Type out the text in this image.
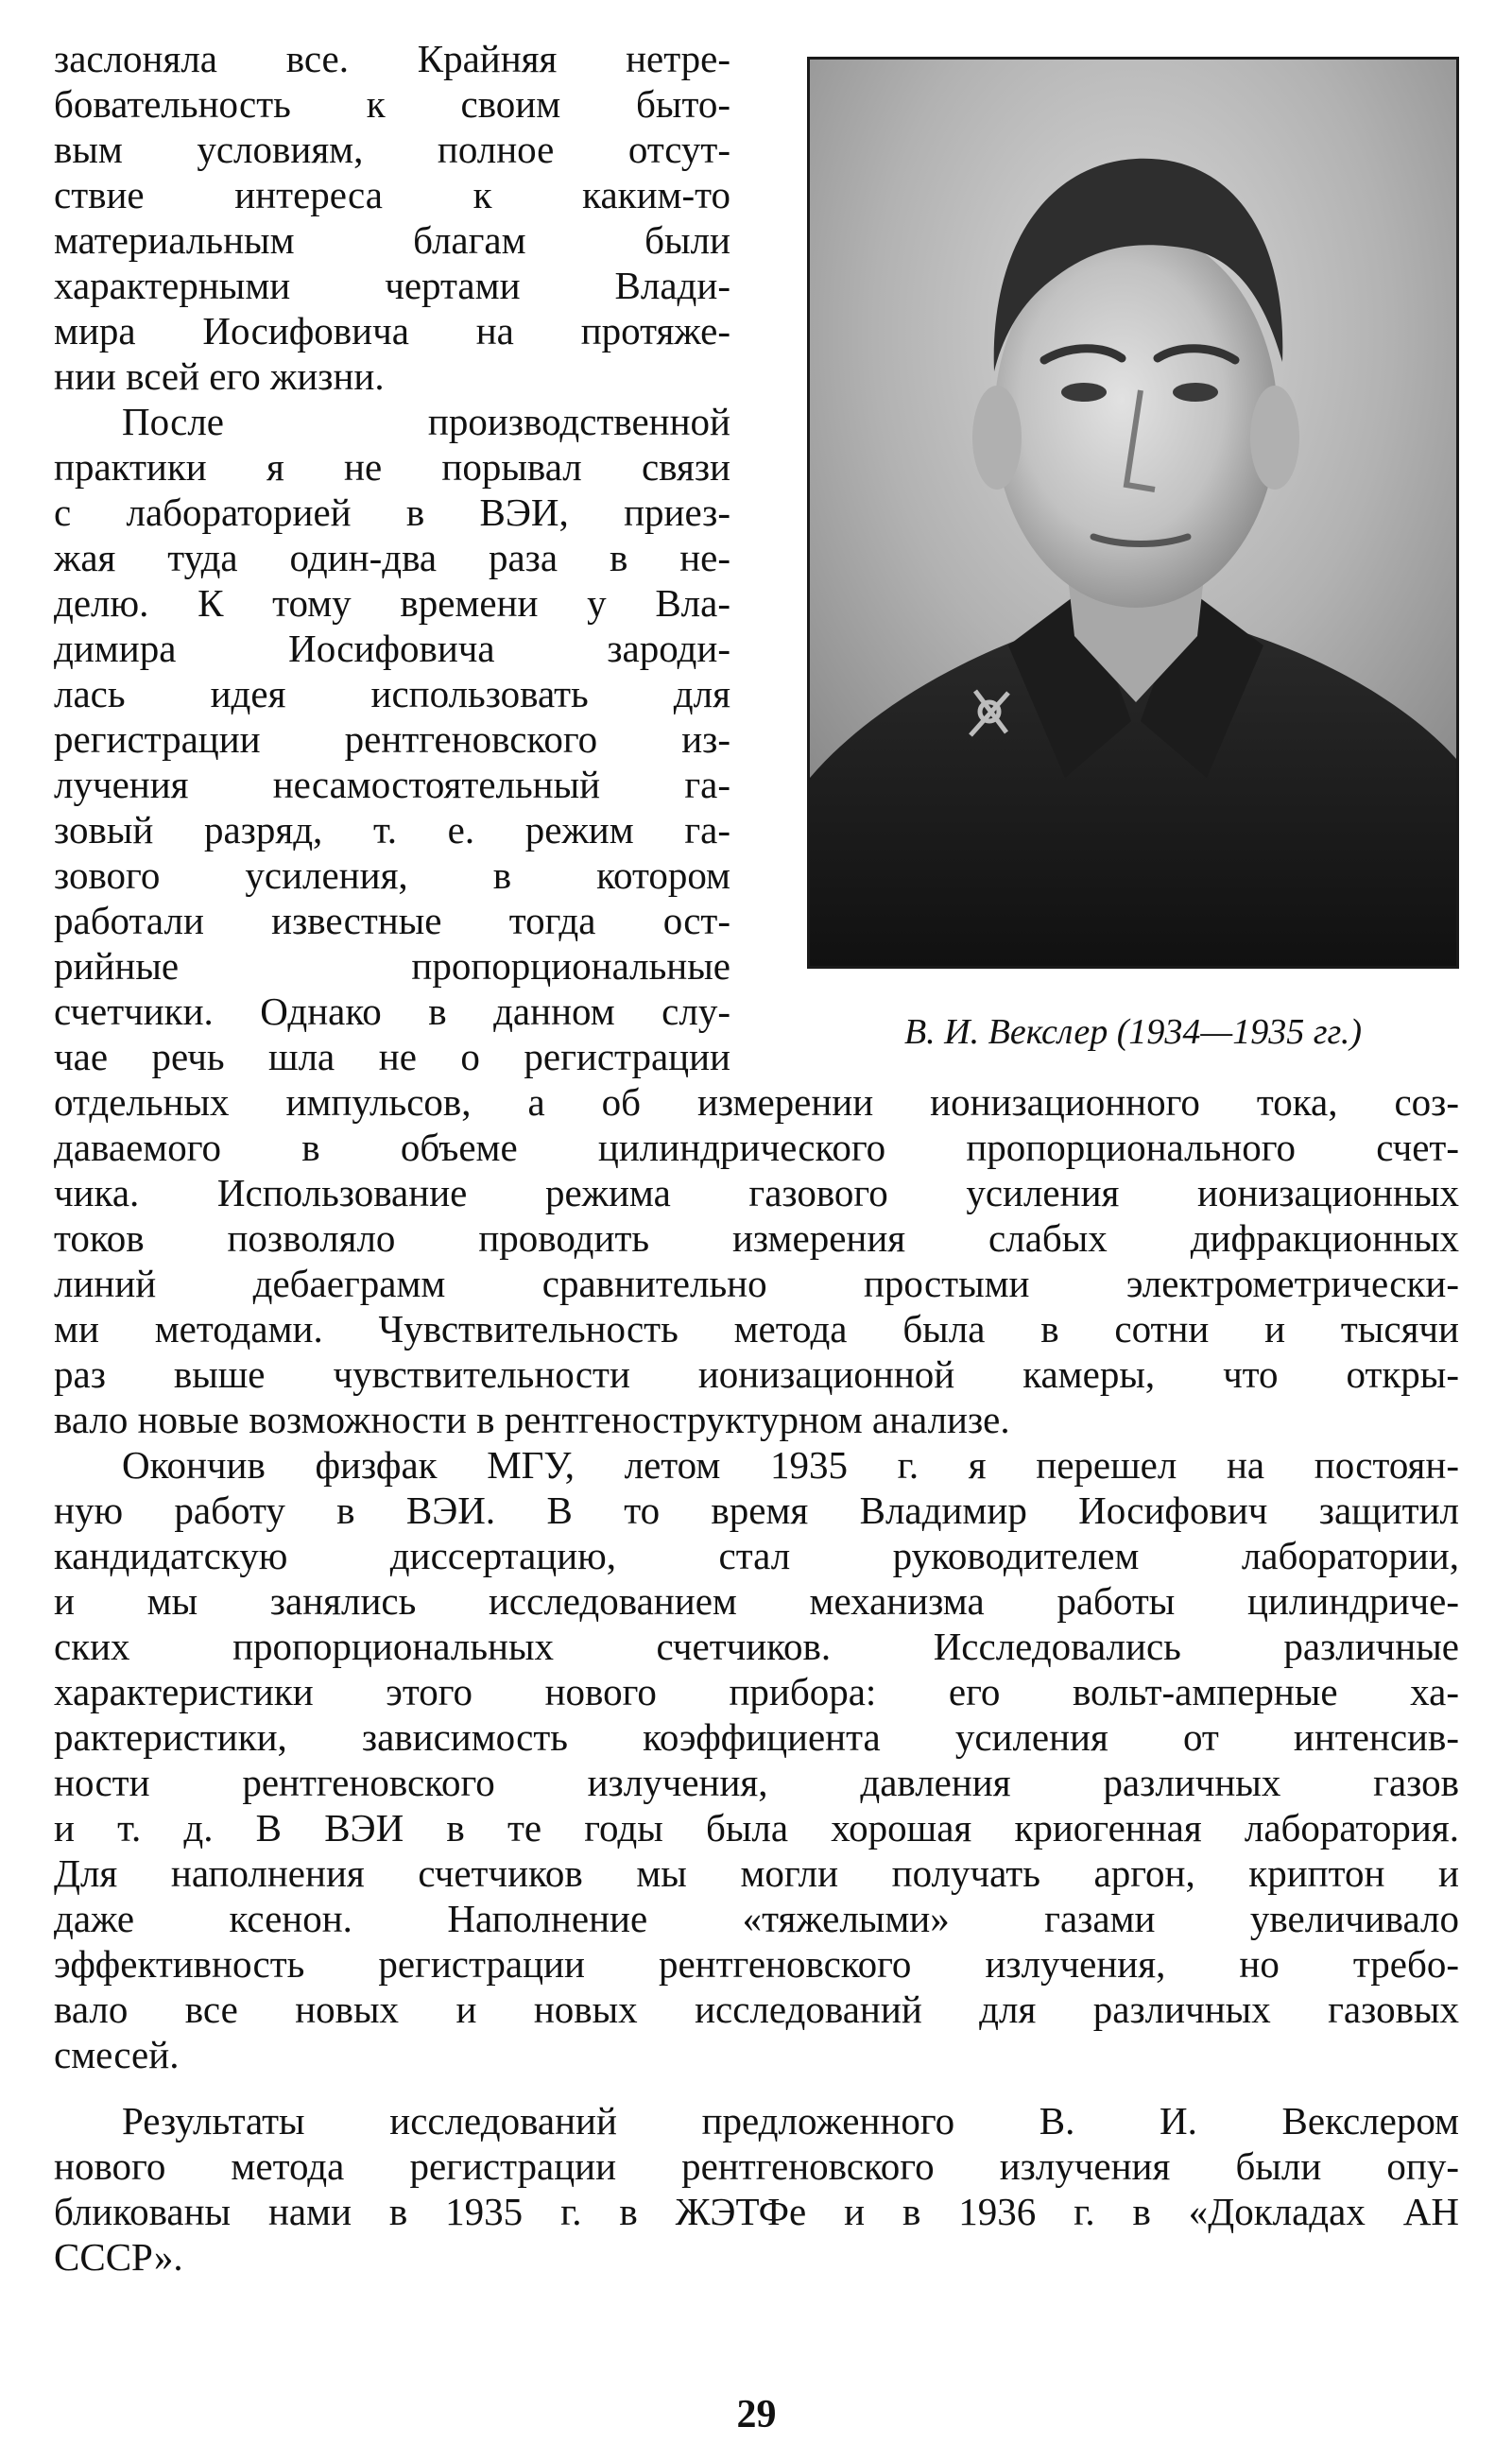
заслоняла все. Крайняя нетре-
бовательность к своим быто-
вым условиям, полное отсут-
ствие интереса к каким-то
материальным благам были
характерными чертами Влади-
мира Иосифовича на протяже-
нии всей его жизни.
После производственной
практики я не порывал связи
с лабораторией в ВЭИ, приез-
жая туда один-два раза в не-
делю. К тому времени у Вла-
димира Иосифовича зароди-
лась идея использовать для
регистрации рентгеновского из-
лучения несамостоятельный га-
зовый разряд, т. е. режим га-
зового усиления, в котором
работали известные тогда ост-
рийные пропорциональные
счетчики. Однако в данном слу-
чае речь шла не о регистрации
В. И. Векслер (1934—1935 гг.)
отдельных импульсов, а об измерении ионизационного тока, соз-
даваемого в объеме цилиндрического пропорционального счет-
чика. Использование режима газового усиления ионизационных
токов позволяло проводить измерения слабых дифракционных
линий дебаеграмм сравнительно простыми электрометрически-
ми методами. Чувствительность метода была в сотни и тысячи
раз выше чувствительности ионизационной камеры, что откры-
вало новые возможности в рентгеноструктурном анализе.
Окончив физфак МГУ, летом 1935 г. я перешел на постоян-
ную работу в ВЭИ. В то время Владимир Иосифович защитил
кандидатскую диссертацию, стал руководителем лаборатории,
и мы занялись исследованием механизма работы цилиндриче-
ских пропорциональных счетчиков. Исследовались различные
характеристики этого нового прибора: его вольт-амперные ха-
рактеристики, зависимость коэффициента усиления от интенсив-
ности рентгеновского излучения, давления различных газов
и т. д. В ВЭИ в те годы была хорошая криогенная лаборатория.
Для наполнения счетчиков мы могли получать аргон, криптон и
даже ксенон. Наполнение «тяжелыми» газами увеличивало
эффективность регистрации рентгеновского излучения, но требо-
вало все новых и новых исследований для различных газовых
смесей.
Результаты исследований предложенного В. И. Векслером
нового метода регистрации рентгеновского излучения были опу-
бликованы нами в 1935 г. в ЖЭТФе и в 1936 г. в «Докладах АН
СССР».
29
